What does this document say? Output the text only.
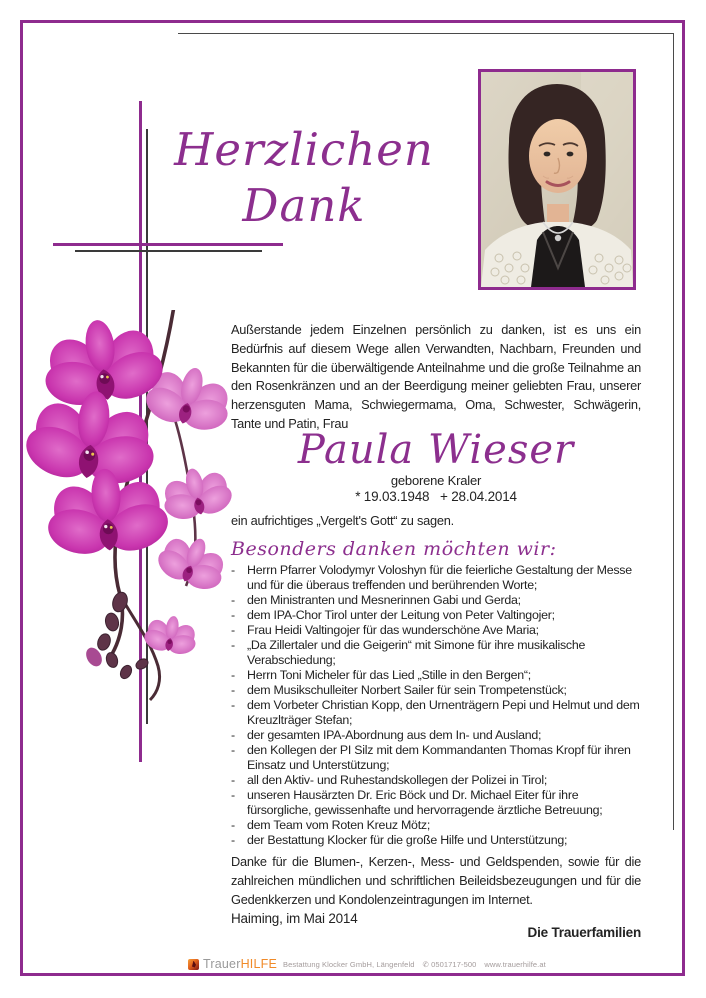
Herzlichen
Dank
Außerstande jedem Einzelnen persönlich zu danken, ist es uns ein Bedürfnis auf diesem Wege allen Verwandten, Nachbarn, Freunden und Bekannten für die überwältigende Anteilnahme und die große Teilnahme an den Rosenkränzen und an der Beerdigung meiner geliebten Frau, unserer herzensguten Mama, Schwiegermama, Oma, Schwester, Schwägerin, Tante und Patin, Frau
Paula Wieser
geborene Kraler
* 19.03.1948   + 28.04.2014
ein aufrichtiges „Vergelt's Gott“ zu sagen.
Besonders danken möchten wir:
- Herrn Pfarrer Volodymyr Voloshyn für die feierliche Gestaltung der Messe und für die überaus treffenden und berührenden Worte;
- den Ministranten und Mesnerinnen Gabi und Gerda;
- dem IPA-Chor Tirol unter der Leitung von Peter Valtingojer;
- Frau Heidi Valtingojer für das wunderschöne Ave Maria;
- „Da Zillertaler und die Geigerin“ mit Simone für ihre musikalische Verabschiedung;
- Herrn Toni Micheler für das Lied „Stille in den Bergen“;
- dem Musikschulleiter Norbert Sailer für sein Trompetenstück;
- dem Vorbeter Christian Kopp, den Urnenträgern Pepi und Helmut und dem Kreuzlträger Stefan;
- der gesamten IPA-Abordnung aus dem In- und Ausland;
- den Kollegen der PI Silz mit dem Kommandanten Thomas Kropf für ihren Einsatz und Unterstützung;
- all den Aktiv- und Ruhestandskollegen der Polizei in Tirol;
- unseren Hausärzten Dr. Eric Böck und Dr. Michael Eiter für ihre fürsorgliche, gewissenhafte und hervorragende ärztliche Betreuung;
- dem Team vom Roten Kreuz Mötz;
- der Bestattung Klocker für die große Hilfe und Unterstützung;
Danke für die Blumen-, Kerzen-, Mess- und Geldspenden, sowie für die zahlreichen mündlichen und schriftlichen Beileidsbezeugungen und für die Gedenkkerzen und Kondolenzeintragungen im Internet.
Haiming, im Mai 2014
Die Trauerfamilien
TrauerHILFE Bestattung Klocker GmbH, Längenfeld ✆ 0501717-500 www.trauerhilfe.at
